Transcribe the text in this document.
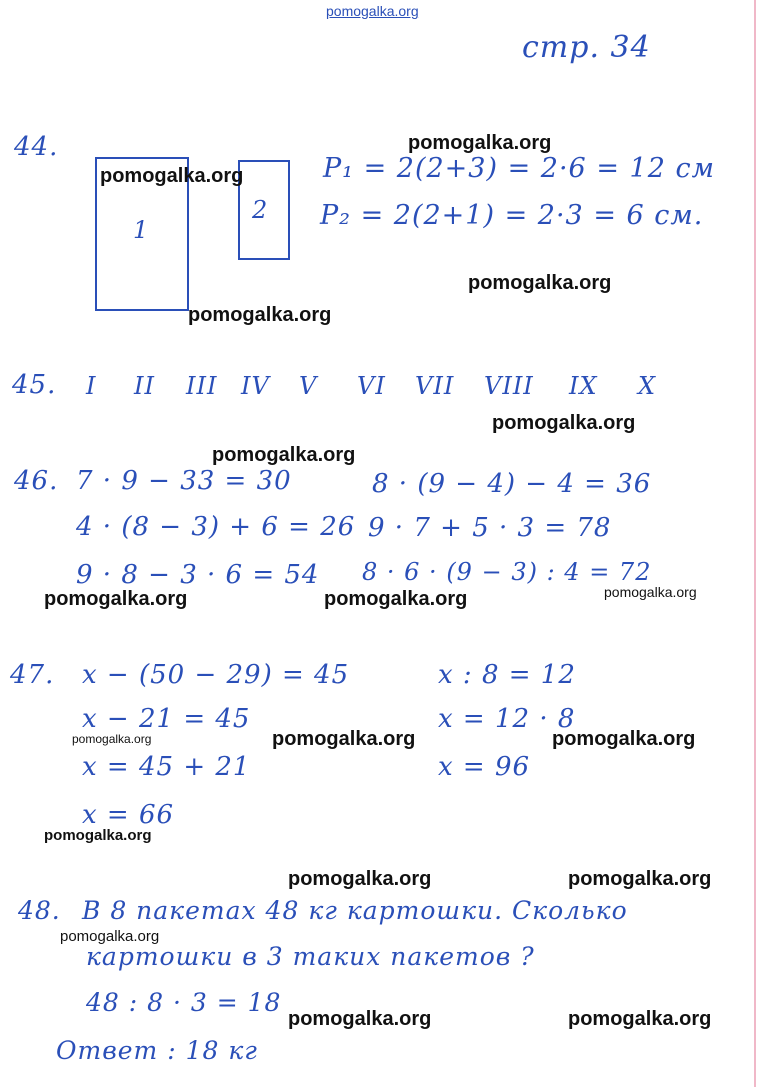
pomogalka.org
стр. 34
44.
1
2
P₁ = 2(2+3) = 2·6 = 12 см
P₂ = 2(2+1) = 2·3 = 6 см.
45. I II III IV V VI VII VIII IX X
46. 7 · 9 − 33 = 30
4 · (8 − 3) + 6 = 26
9 · 8 − 3 · 6 = 54
8 · (9 − 4) − 4 = 36
9 · 7 + 5 · 3 = 78
8 · 6 · (9 − 3) : 4 = 72
47. x − (50 − 29) = 45
x − 21 = 45
x = 45 + 21
x = 66
x : 8 = 12
x = 12 · 8
x = 96
48. В 8 пакетах 48 кг картошки. Сколько
картошки в 3 таких пакетов ?
48 : 8 · 3 = 18
Ответ : 18 кг
pomogalka.org
pomogalka.org
pomogalka.org
pomogalka.org
pomogalka.org
pomogalka.org
pomogalka.org	pomogalka.org	pomogalka.org
pomogalka.org	pomogalka.org	pomogalka.org
pomogalka.org
pomogalka.org	pomogalka.org
pomogalka.org
pomogalka.org	pomogalka.org
